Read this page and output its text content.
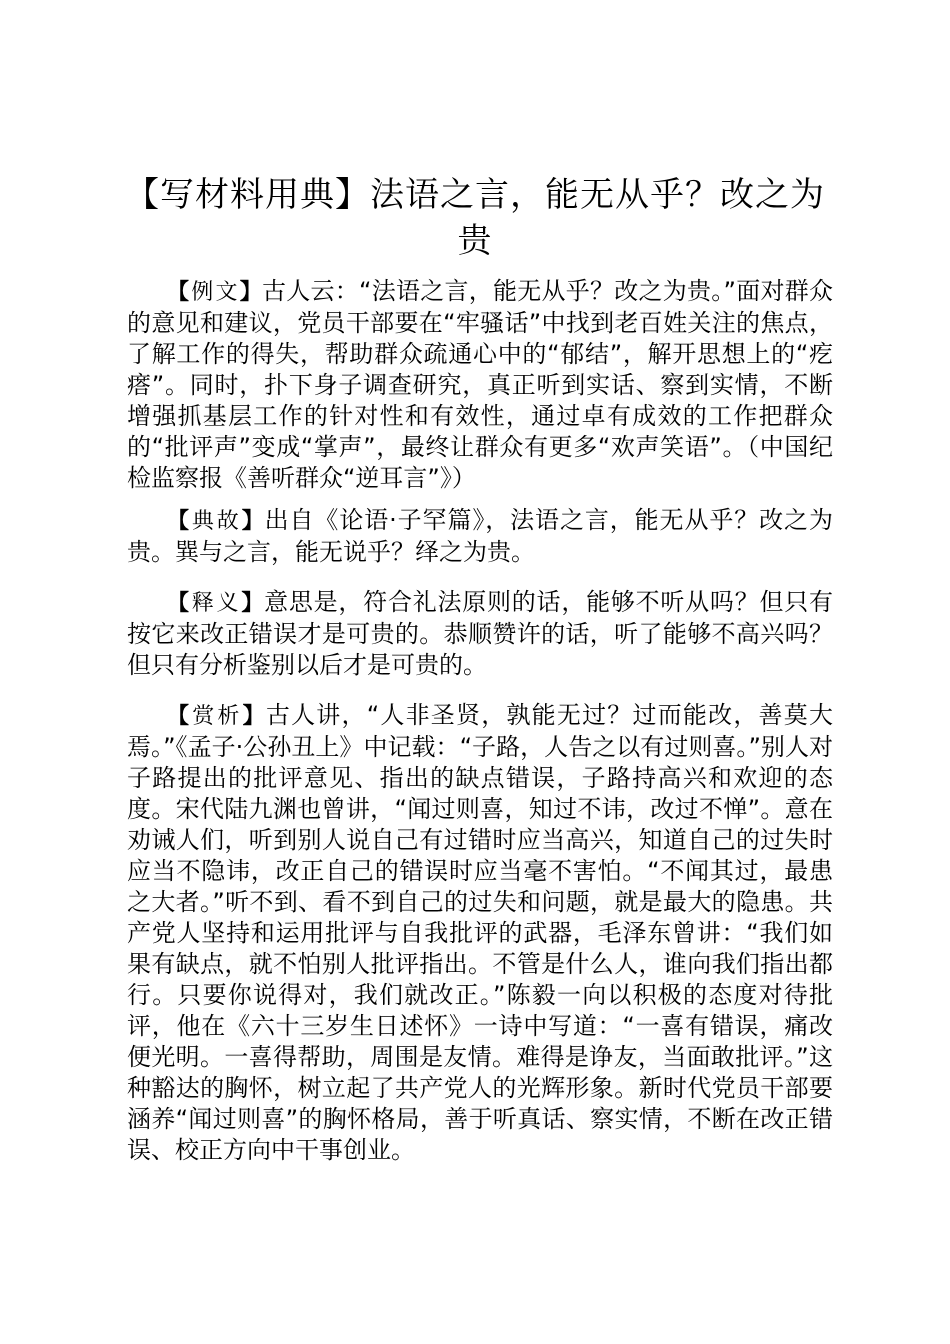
【写材料用典】法语之言，能无从乎？改之为贵

【例文】古人云：“法语之言，能无从乎？改之为贵。”面对群众的意见和建议，党员干部要在“牢骚话”中找到老百姓关注的焦点，了解工作的得失，帮助群众疏通心中的“郁结”，解开思想上的“疙瘩”。同时，扑下身子调查研究，真正听到实话、察到实情，不断增强抓基层工作的针对性和有效性，通过卓有成效的工作把群众的“批评声”变成“掌声”，最终让群众有更多“欢声笑语”。（中国纪检监察报《善听群众“逆耳言”》）

【典故】出自《论语·子罕篇》，法语之言，能无从乎？改之为贵。巽与之言，能无说乎？绎之为贵。

【释义】意思是，符合礼法原则的话，能够不听从吗？但只有按它来改正错误才是可贵的。恭顺赞许的话，听了能够不高兴吗？但只有分析鉴别以后才是可贵的。

【赏析】古人讲，“人非圣贤，孰能无过？过而能改，善莫大焉。”《孟子·公孙丑上》中记载：“子路，人告之以有过则喜。”别人对子路提出的批评意见、指出的缺点错误，子路持高兴和欢迎的态度。宋代陆九渊也曾讲，“闻过则喜，知过不讳，改过不惮”。意在劝诫人们，听到别人说自己有过错时应当高兴，知道自己的过失时应当不隐讳，改正自己的错误时应当毫不害怕。“不闻其过，最患之大者。”听不到、看不到自己的过失和问题，就是最大的隐患。共产党人坚持和运用批评与自我批评的武器，毛泽东曾讲：“我们如果有缺点，就不怕别人批评指出。不管是什么人，谁向我们指出都行。只要你说得对，我们就改正。”陈毅一向以积极的态度对待批评，他在《六十三岁生日述怀》一诗中写道：“一喜有错误，痛改便光明。一喜得帮助，周围是友情。难得是诤友，当面敢批评。”这种豁达的胸怀，树立起了共产党人的光辉形象。新时代党员干部要涵养“闻过则喜”的胸怀格局，善于听真话、察实情，不断在改正错误、校正方向中干事创业。
